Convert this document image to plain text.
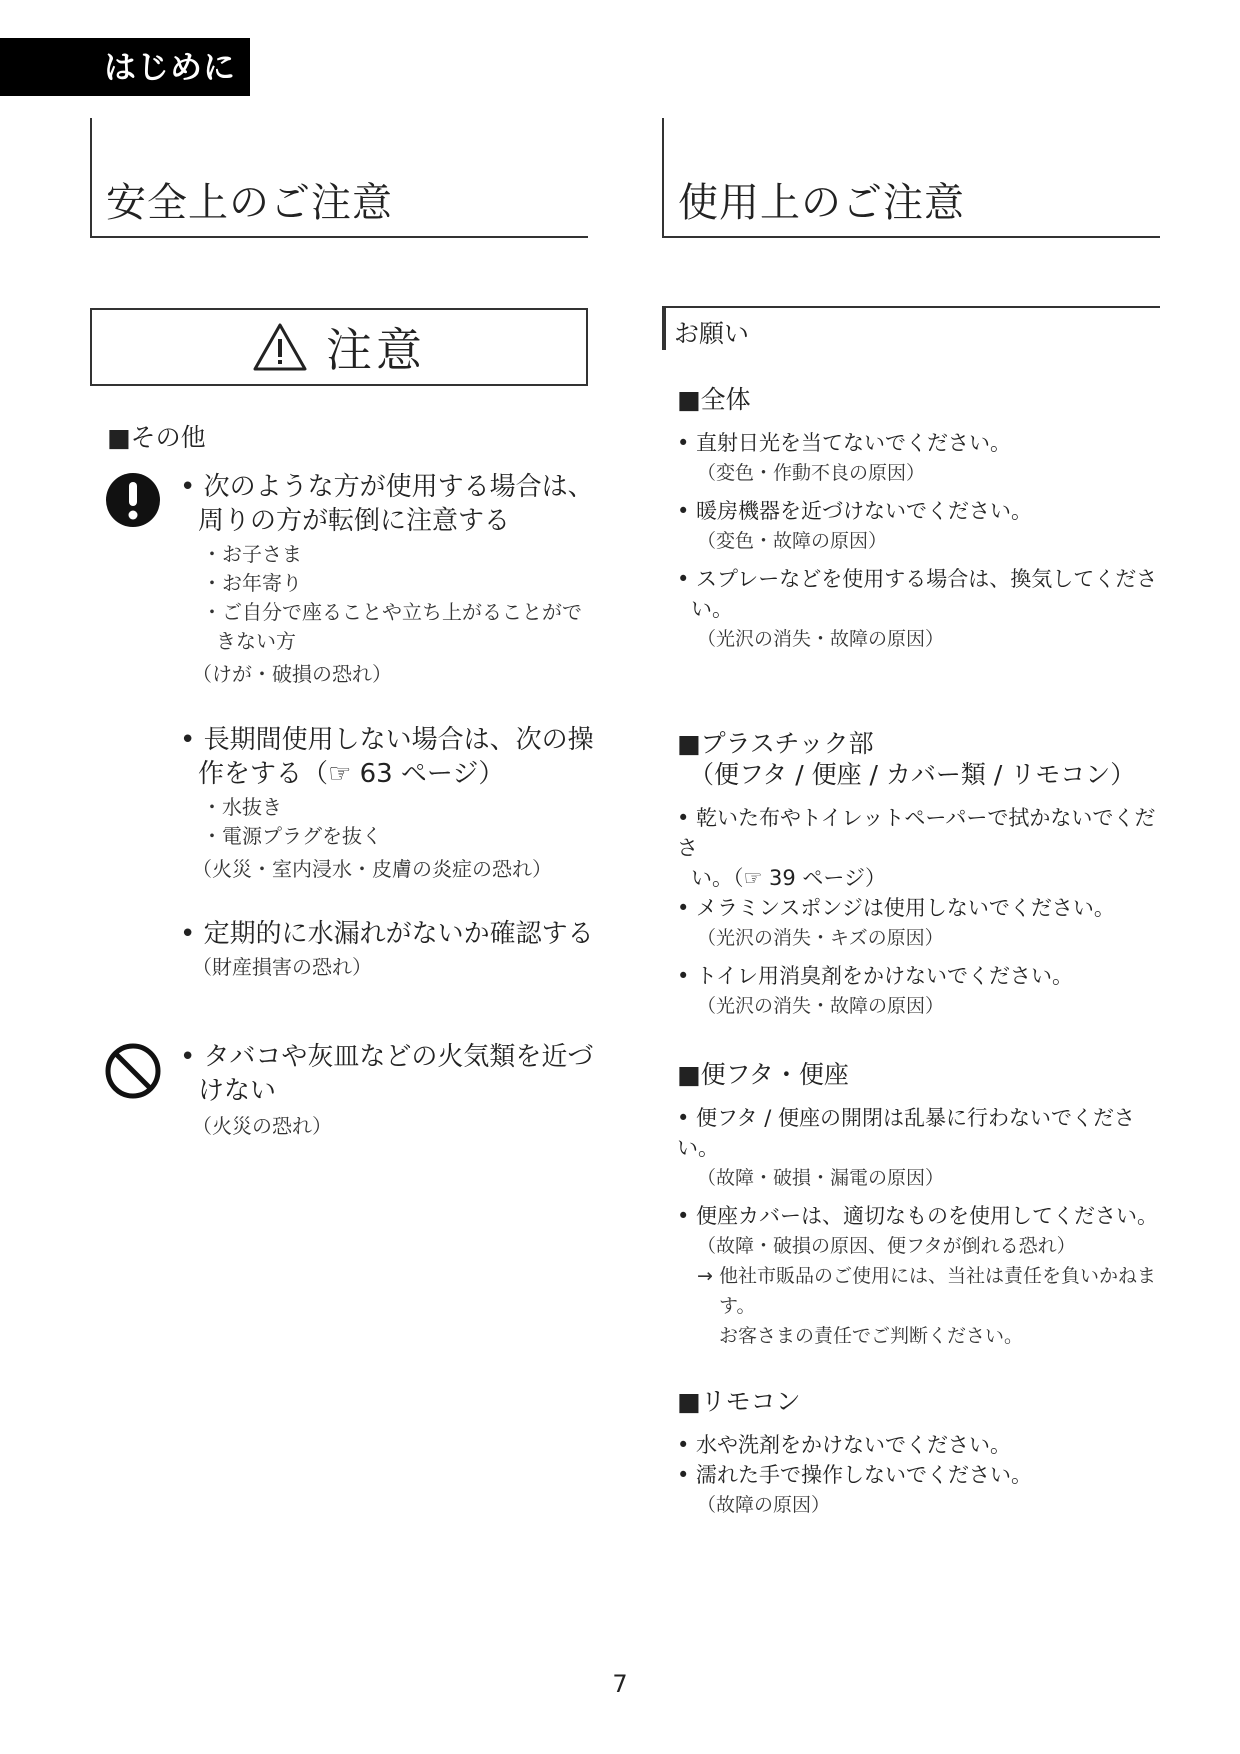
はじめに
安全上のご注意
注意
■その他
• 次のような方が使用する場合は、
周りの方が転倒に注意する
・お子さま
・お年寄り
・ご自分で座ることや立ち上がることがで
きない方
（けが・破損の恐れ）
• 長期間使用しない場合は、次の操
作をする（☞ 63 ページ）
・水抜き
・電源プラグを抜く
（火災・室内浸水・皮膚の炎症の恐れ）
• 定期的に水漏れがないか確認する
（財産損害の恐れ）
• タバコや灰皿などの火気類を近づ
けない
（火災の恐れ）
使用上のご注意
お願い
■全体
• 直射日光を当てないでください。
（変色・作動不良の原因）
• 暖房機器を近づけないでください。
（変色・故障の原因）
• スプレーなどを使用する場合は、換気してくださ
い。
（光沢の消失・故障の原因）
■プラスチック部
（便フタ / 便座 / カバー類 / リモコン）
• 乾いた布やトイレットペーパーで拭かないでくださ
い。（☞ 39 ページ）
• メラミンスポンジは使用しないでください。
（光沢の消失・キズの原因）
• トイレ用消臭剤をかけないでください。
（光沢の消失・故障の原因）
■便フタ・便座
• 便フタ / 便座の開閉は乱暴に行わないでください。
（故障・破損・漏電の原因）
• 便座カバーは、適切なものを使用してください。
（故障・破損の原因、便フタが倒れる恐れ）
→ 他社市販品のご使用には、当社は責任を負いかねま
す。
お客さまの責任でご判断ください。
■リモコン
• 水や洗剤をかけないでください。
• 濡れた手で操作しないでください。
（故障の原因）
7
